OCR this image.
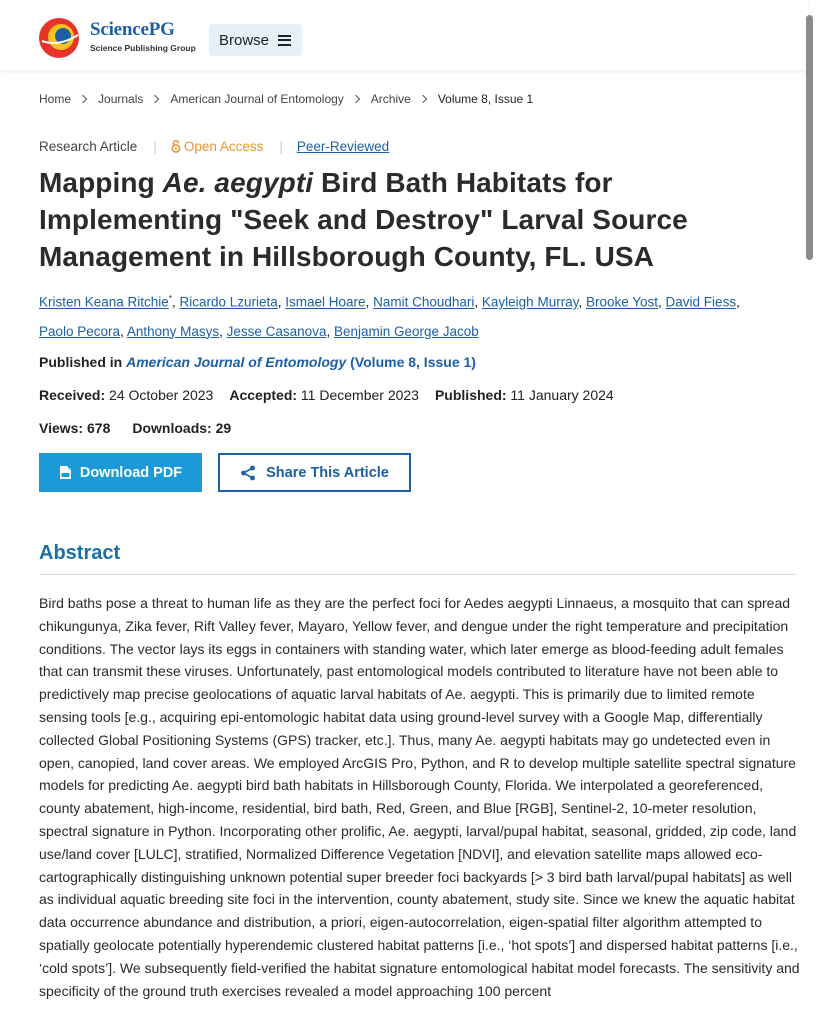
SciencePG
Science Publishing Group Browse
Home Journals American Journal of Entomology Archive Volume 8, Issue 1
Research Article | Open Access | Peer-Reviewed
Mapping Ae. aegypti Bird Bath Habitats for Implementing "Seek and Destroy" Larval Source Management in Hillsborough County, FL. USA
Kristen Keana Ritchie*, Ricardo Lzurieta, Ismael Hoare, Namit Choudhari, Kayleigh Murray, Brooke Yost, David Fiess,
Paolo Pecora, Anthony Masys, Jesse Casanova, Benjamin George Jacob
Published in American Journal of Entomology (Volume 8, Issue 1)
Received: 24 October 2023 Accepted: 11 December 2023 Published: 11 January 2024
Views: 678 Downloads: 29
Download PDF	Share This Article
Abstract

Bird baths pose a threat to human life as they are the perfect foci for Aedes aegypti Linnaeus, a mosquito that can spread chikungunya, Zika fever, Rift Valley fever, Mayaro, Yellow fever, and dengue under the right temperature and precipitation conditions. The vector lays its eggs in containers with standing water, which later emerge as blood-feeding adult females that can transmit these viruses. Unfortunately, past entomological models contributed to literature have not been able to predictively map precise geolocations of aquatic larval habitats of Ae. aegypti. This is primarily due to limited remote sensing tools [e.g., acquiring epi-entomologic habitat data using ground-level survey with a Google Map, differentially collected Global Positioning Systems (GPS) tracker, etc.]. Thus, many Ae. aegypti habitats may go undetected even in open, canopied, land cover areas. We employed ArcGIS Pro, Python, and R to develop multiple satellite spectral signature models for predicting Ae. aegypti bird bath habitats in Hillsborough County, Florida. We interpolated a georeferenced, county abatement, high-income, residential, bird bath, Red, Green, and Blue [RGB], Sentinel-2, 10-meter resolution, spectral signature in Python. Incorporating other prolific, Ae. aegypti, larval/pupal habitat, seasonal, gridded, zip code, land use/land cover [LULC], stratified, Normalized Difference Vegetation [NDVI], and elevation satellite maps allowed eco-cartographically distinguishing unknown potential super breeder foci backyards [> 3 bird bath larval/pupal habitats] as well as individual aquatic breeding site foci in the intervention, county abatement, study site. Since we knew the aquatic habitat data occurrence abundance and distribution, a priori, eigen-autocorrelation, eigen-spatial filter algorithm attempted to spatially geolocate potentially hyperendemic clustered habitat patterns [i.e., ‘hot spots’] and dispersed habitat patterns [i.e., ‘cold spots’]. We subsequently field-verified the habitat signature entomological habitat model forecasts. The sensitivity and specificity of the ground truth exercises revealed a model approaching 100 percent
